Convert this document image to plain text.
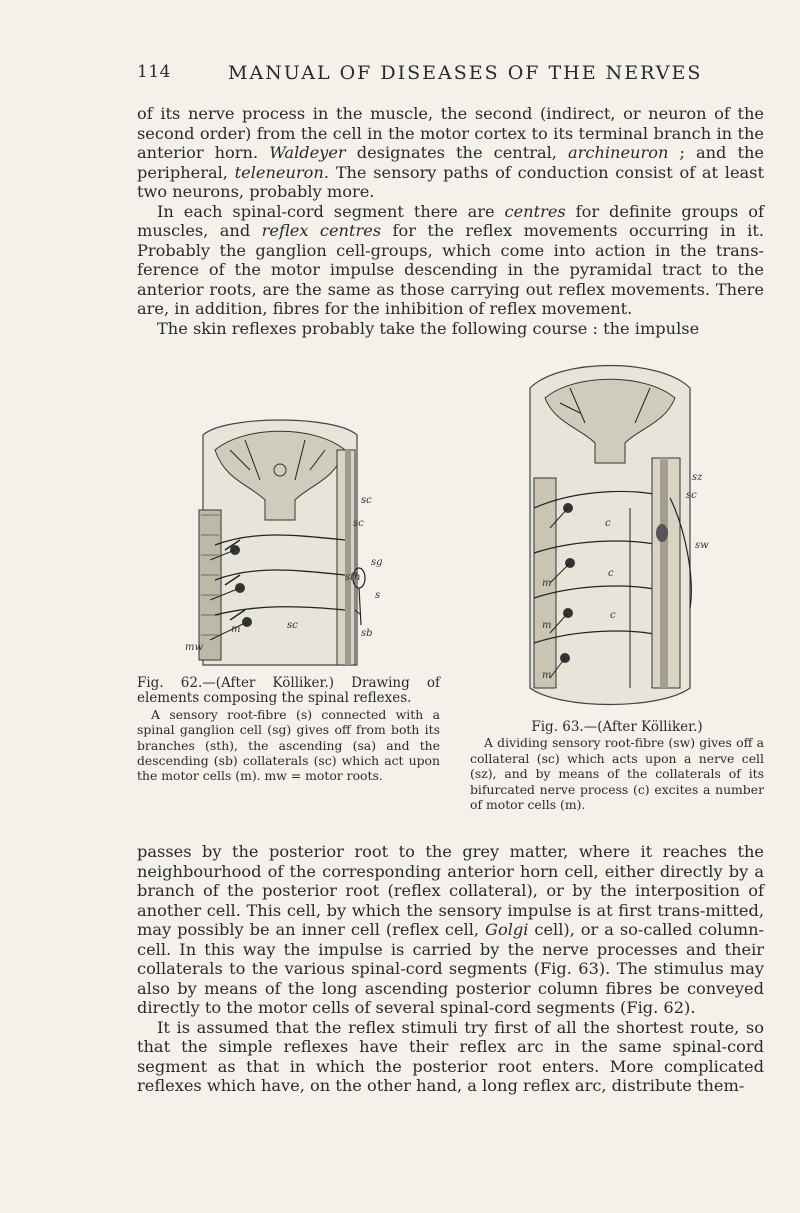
114	MANUAL OF DISEASES OF THE NERVES

of its nerve process in the muscle, the second (indirect, or neuron of the second order) from the cell in the motor cortex to its terminal branch in the anterior horn. Waldeyer designates the central, archineuron ; and the peripheral, teleneuron. The sensory paths of conduction consist of at least two neurons, probably more.

In each spinal-cord segment there are centres for definite groups of muscles, and reflex centres for the reflex movements occurring in it. Probably the ganglion cell-groups, which come into action in the trans-ference of the motor impulse descending in the pyramidal tract to the anterior roots, are the same as those carrying out reflex movements. There are, in addition, fibres for the inhibition of reflex movement.

The skin reflexes probably take the following course : the impulse

sc
sc
sg
sth
s
sb
m	sc
mw
Fig. 62.—(After Kölliker.) Drawing of elements composing the spinal reflexes.
A sensory root-fibre (s) connected with a spinal ganglion cell (sg) gives off from both its branches (sth), the ascending (sa) and the descending (sb) collaterals (sc) which act upon the motor cells (m). mw = motor roots.
sz
sc
sw
c
c
c
m
m
m
Fig. 63.—(After Kölliker.)
A dividing sensory root-fibre (sw) gives off a collateral (sc) which acts upon a nerve cell (sz), and by means of the collaterals of its bifurcated nerve process (c) excites a number of motor cells (m).

passes by the posterior root to the grey matter, where it reaches the neighbourhood of the corresponding anterior horn cell, either directly by a branch of the posterior root (reflex collateral), or by the interposition of another cell. This cell, by which the sensory impulse is at first trans-mitted, may possibly be an inner cell (reflex cell, Golgi cell), or a so-called column-cell. In this way the impulse is carried by the nerve processes and their collaterals to the various spinal-cord segments (Fig. 63). The stimulus may also by means of the long ascending posterior column fibres be conveyed directly to the motor cells of several spinal-cord segments (Fig. 62).

It is assumed that the reflex stimuli try first of all the shortest route, so that the simple reflexes have their reflex arc in the same spinal-cord segment as that in which the posterior root enters. More complicated reflexes which have, on the other hand, a long reflex arc, distribute them-
